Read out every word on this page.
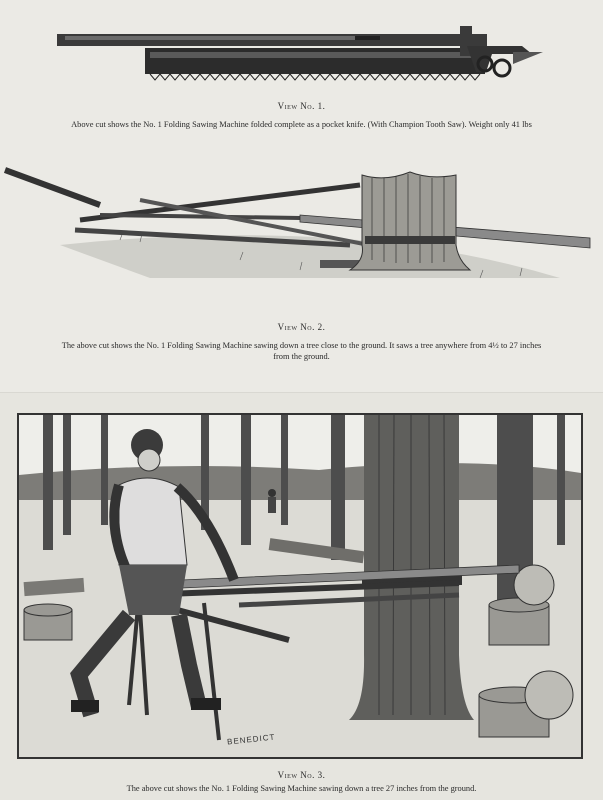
View No. 1.
Above cut shows the No. 1 Folding Sawing Machine folded complete as a pocket knife. (With Champion Tooth Saw). Weight only 41 lbs
View No. 2.
The above cut shows the No. 1 Folding Sawing Machine sawing down a tree close to the ground. It saws a tree anywhere from 4½ to 27 inches
from the ground.
BENEDICT
View No. 3.
The above cut shows the No. 1 Folding Sawing Machine sawing down a tree 27 inches from the ground.
